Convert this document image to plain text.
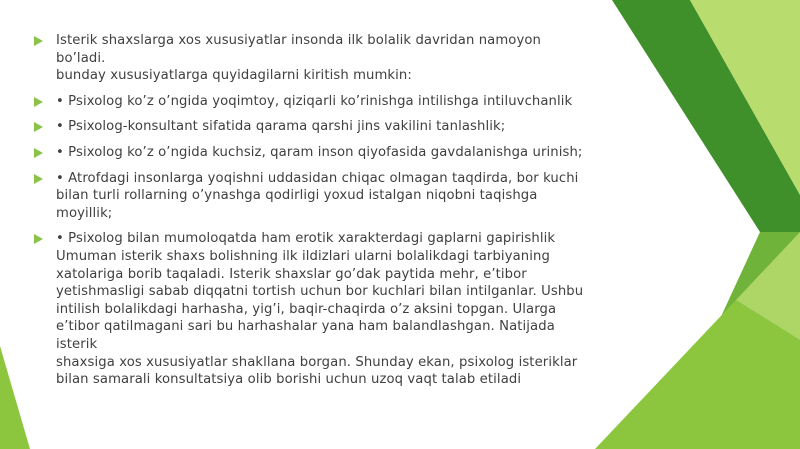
Isterik shaxslarga xos xususiyatlar insonda ilk bolalik davridan namoyon bo’ladi.
bunday xususiyatlarga quyidagilarni kiritish mumkin:
• Psixolog ko’z o’ngida yoqimtoy, qiziqarli ko’rinishga intilishga intiluvchanlik
• Psixolog-konsultant sifatida qarama qarshi jins vakilini tanlashlik;
• Psixolog ko’z o’ngida kuchsiz, qaram inson qiyofasida gavdalanishga urinish;
• Atrofdagi insonlarga yoqishni uddasidan chiqac olmagan taqdirda, bor kuchi
bilan turli rollarning o’ynashga qodirligi yoxud istalgan niqobni taqishga moyillik;
• Psixolog bilan mumoloqatda ham erotik xarakterdagi gaplarni gapirishlik
Umuman isterik shaxs bolishning ilk ildizlari ularni bolalikdagi tarbiyaning
xatolariga borib taqaladi. Isterik shaxslar go’dak paytida mehr, e’tibor
yetishmasligi sabab diqqatni tortish uchun bor kuchlari bilan intilganlar. Ushbu
intilish bolalikdagi harhasha, yig’i, baqir-chaqirda o’z aksini topgan. Ularga
e’tibor qatilmagani sari bu harhashalar yana ham balandlashgan. Natijada isterik
shaxsiga xos xususiyatlar shakllana borgan. Shunday ekan, psixolog isteriklar
bilan samarali konsultatsiya olib borishi uchun uzoq vaqt talab etiladi
